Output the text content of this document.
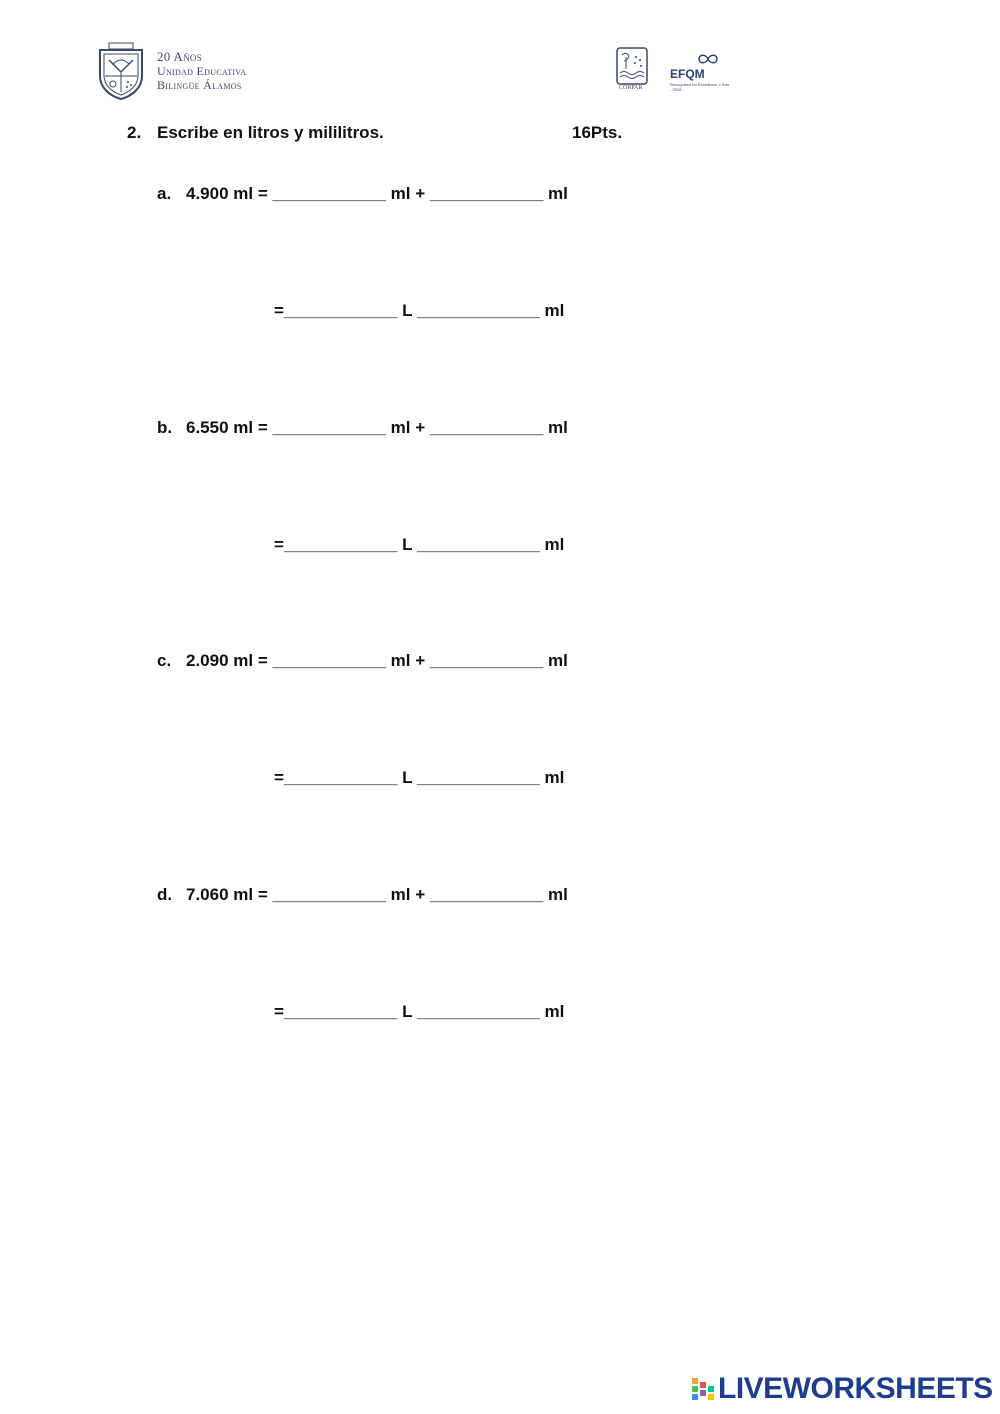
20 Años
Unidad Educativa
Bilingüe Álamos	CORPAR
EFQM
Recognised for Excellence 4 Star - 2018
2. Escribe en litros y mililitros.	16Pts.
a. 4.900 ml = ____________ ml + ____________ ml
=____________ L _____________ ml
b. 6.550 ml = ____________ ml + ____________ ml
=____________ L _____________ ml
c. 2.090 ml = ____________ ml + ____________ ml
=____________ L _____________ ml
d. 7.060 ml = ____________ ml + ____________ ml
=____________ L _____________ ml
LIVEWORKSHEETS
